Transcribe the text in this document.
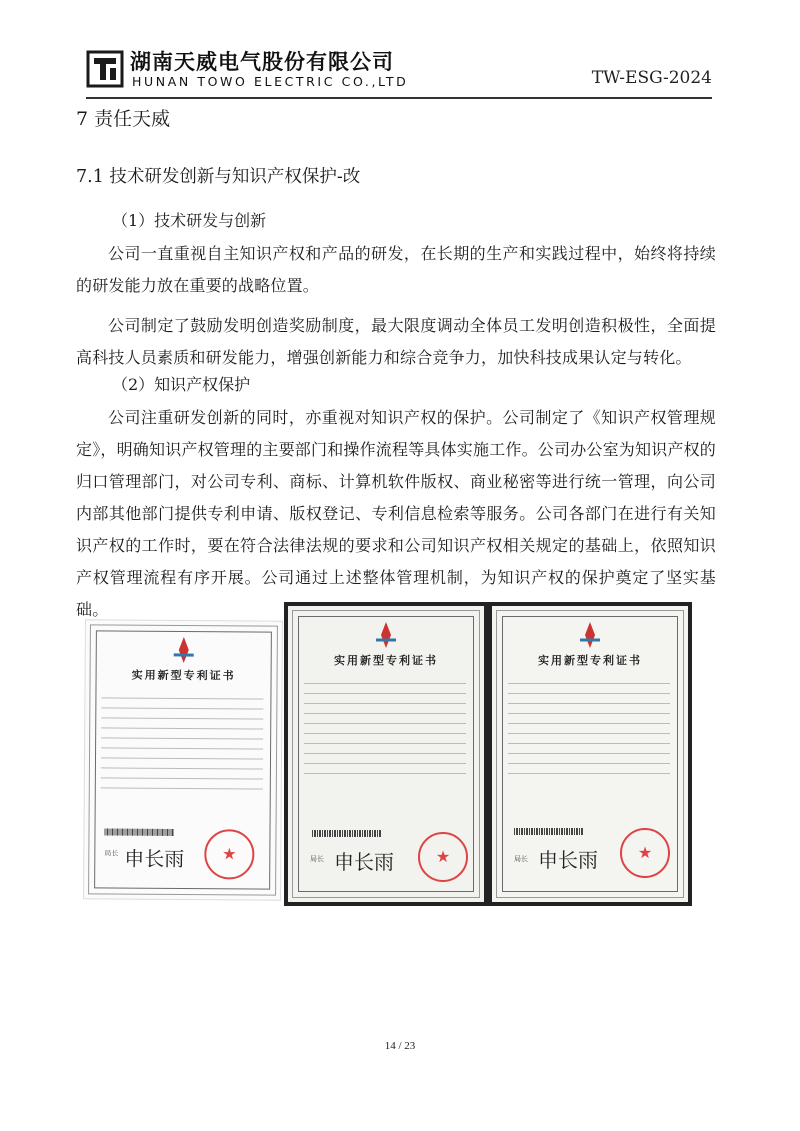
湖南天威电气股份有限公司
HUNAN TOWO ELECTRIC CO.,LTD	TW-ESG-2024
7 责任天威
7.1 技术研发创新与知识产权保护-改
（1）技术研发与创新
公司一直重视自主知识产权和产品的研发，在长期的生产和实践过程中，始终将持续的研发能力放在重要的战略位置。
公司制定了鼓励发明创造奖励制度，最大限度调动全体员工发明创造积极性，全面提高科技人员素质和研发能力，增强创新能力和综合竞争力，加快科技成果认定与转化。
（2）知识产权保护
公司注重研发创新的同时，亦重视对知识产权的保护。公司制定了《知识产权管理规定》，明确知识产权管理的主要部门和操作流程等具体实施工作。公司办公室为知识产权的归口管理部门，对公司专利、商标、计算机软件版权、商业秘密等进行统一管理，向公司内部其他部门提供专利申请、版权登记、专利信息检索等服务。公司各部门在进行有关知识产权的工作时，要在符合法律法规的要求和公司知识产权相关规定的基础上，依照知识产权管理流程有序开展。公司通过上述整体管理机制，为知识产权的保护奠定了坚实基础。
实用新型专利证书
局长 申长雨
★
实用新型专利证书
局长 申长雨
★
实用新型专利证书
局长 申长雨
★
14 / 23
